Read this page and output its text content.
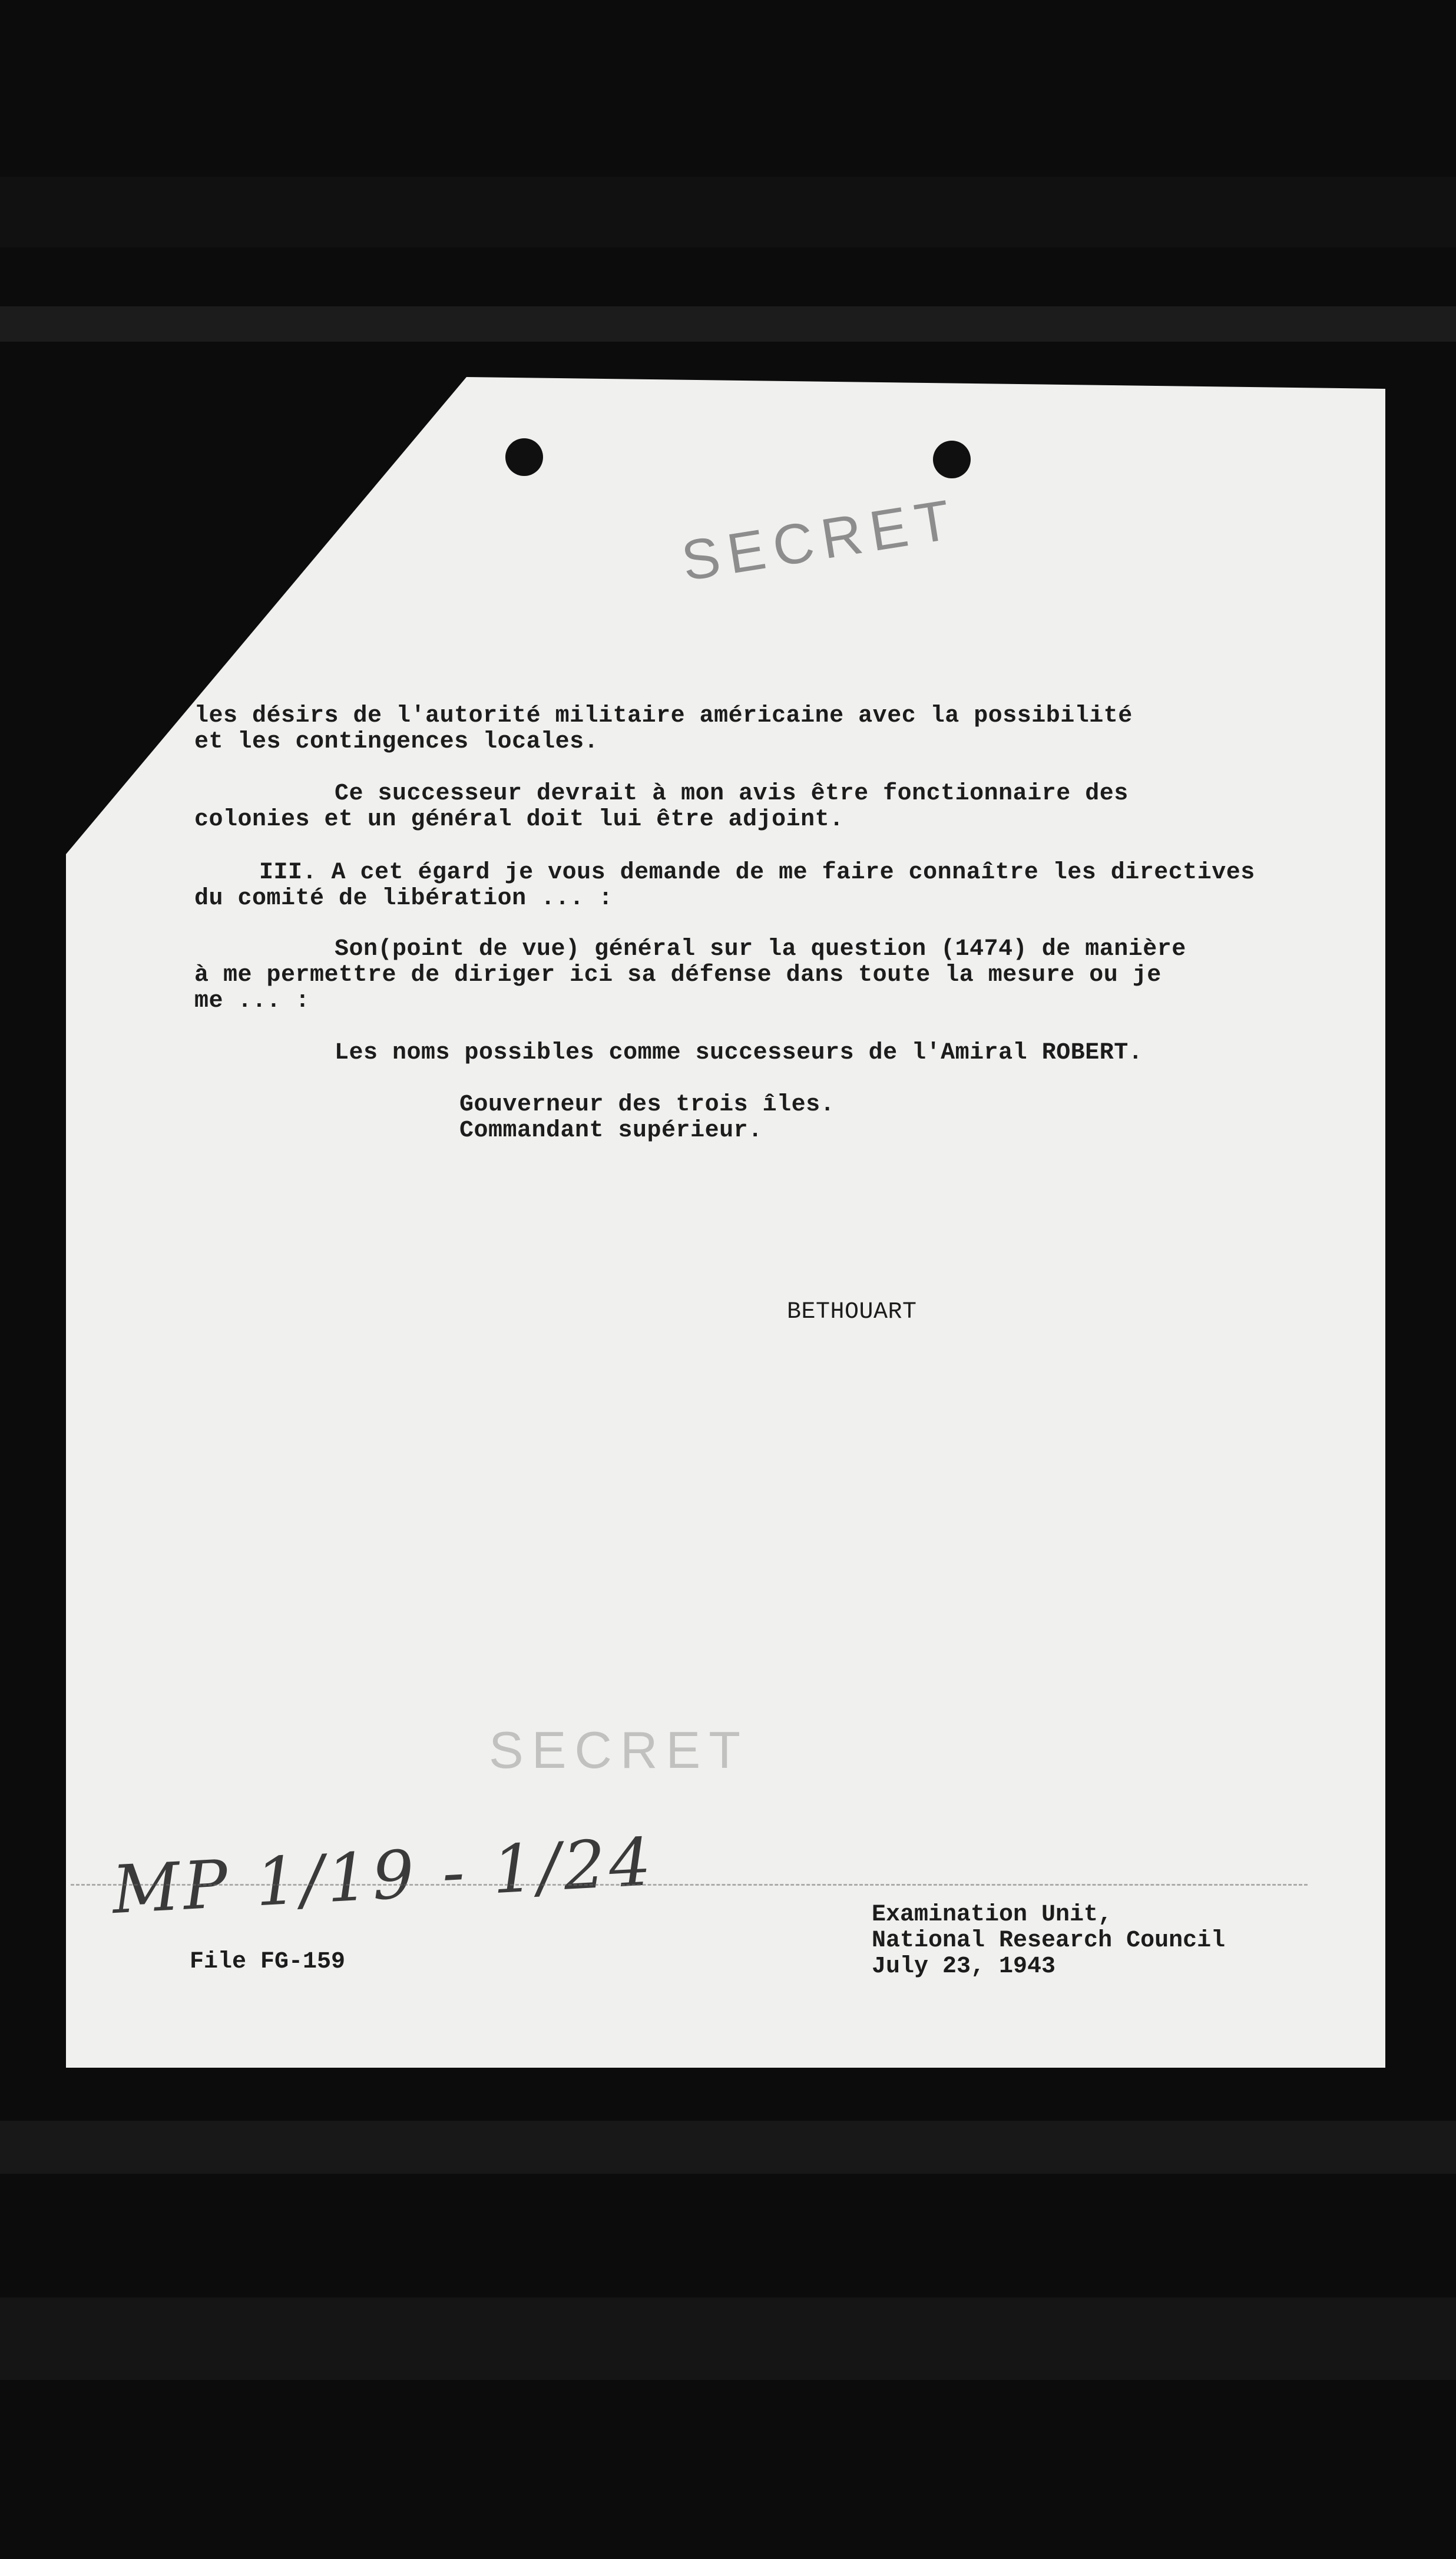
SECRET
les désirs de l'autorité militaire américaine avec la possibilité
et les contingences locales.
Ce successeur devrait à mon avis être fonctionnaire des
colonies et un général doit lui être adjoint.
III. A cet égard je vous demande de me faire connaître les directives
du comité de libération ... :
Son(point de vue) général sur la question (1474) de manière
à me permettre de diriger ici sa défense dans toute la mesure ou je
me ... :
Les noms possibles comme successeurs de l'Amiral ROBERT.
Gouverneur des trois îles.
Commandant supérieur.
BETHOUART
SECRET
MP 1/19 - 1/24
File FG-159
Examination Unit,
National Research Council
July 23, 1943
